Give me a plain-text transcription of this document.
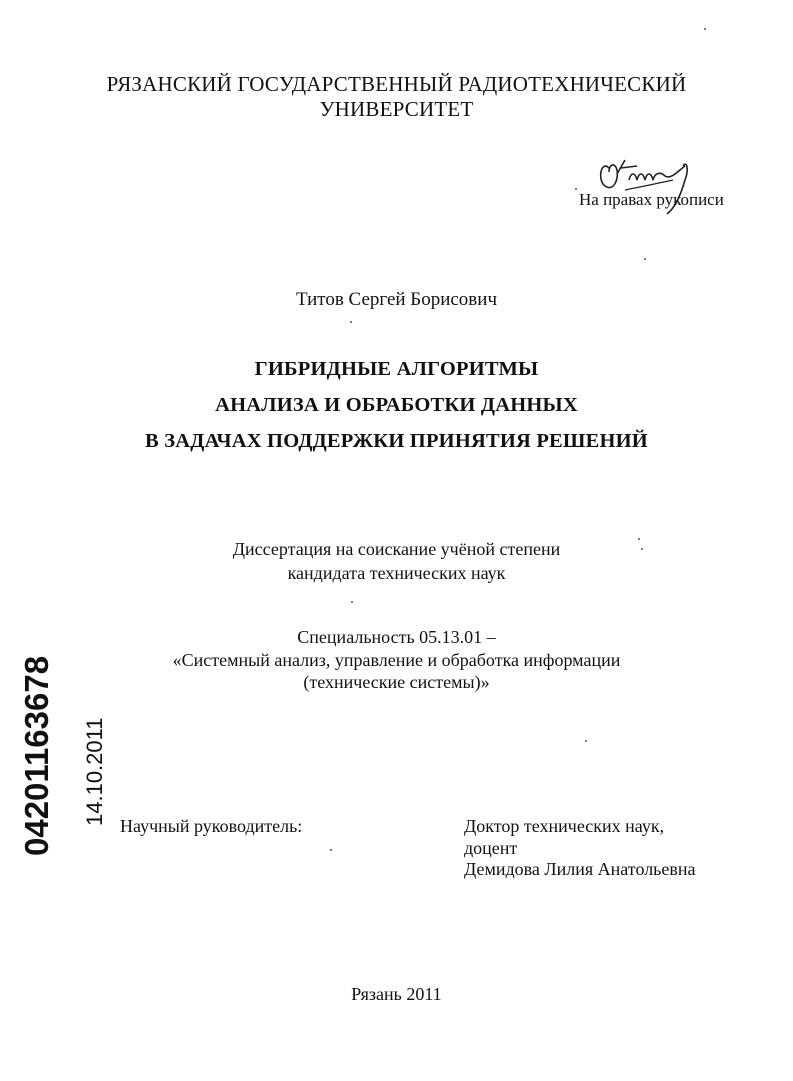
РЯЗАНСКИЙ ГОСУДАРСТВЕННЫЙ РАДИОТЕХНИЧЕСКИЙ
УНИВЕРСИТЕТ
На правах рукописи
Титов Сергей Борисович
ГИБРИДНЫЕ АЛГОРИТМЫ
АНАЛИЗА И ОБРАБОТКИ ДАННЫХ
В ЗАДАЧАХ ПОДДЕРЖКИ ПРИНЯТИЯ РЕШЕНИЙ
Диссертация на соискание учёной степени
кандидата технических наук
Специальность 05.13.01 –
«Системный анализ, управление и обработка информации
(технические системы)»
Научный руководитель:	Доктор технических наук,
доцент
Демидова Лилия Анатольевна
Рязань 2011
04201163678 14.10.2011
